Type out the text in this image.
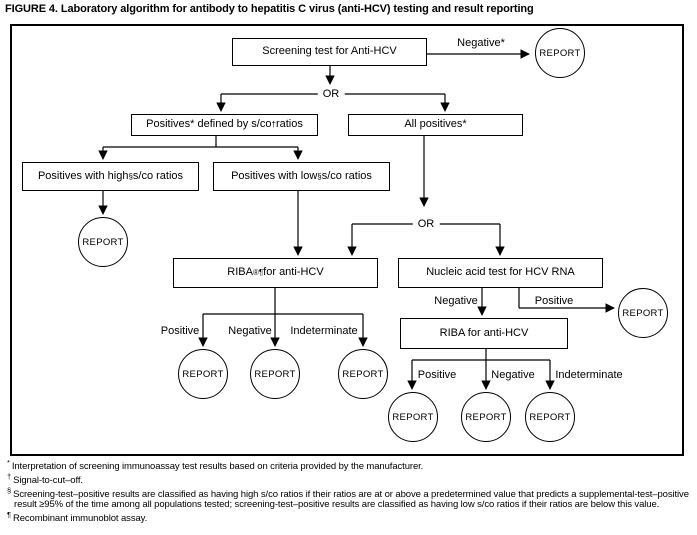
FIGURE 4. Laboratory algorithm for antibody to hepatitis C virus (anti-HCV) testing and result reporting
Screening test for Anti-HCV
Positives* defined by s/co † ratios	All positives*
Positives with high § s/co ratios	Positives with low § s/co ratios
RIBA ®¶ for anti-HCV	Nucleic acid test for HCV RNA
RIBA for anti-HCV
REPORT
REPORT
REPORT	REPORT	REPORT
REPORT
REPORT	REPORT REPORT
Negative*
OR
OR
Positive	Negative Indeterminate
Negative	Positive
Positive	Negative Indeterminate
* Interpretation of screening immunoassay test results based on criteria provided by the manufacturer.
† Signal-to-cut–off.
§ Screening-test–positive results are classified as having high s/co ratios if their ratios are at or above a predetermined value that predicts a supplemental-test–positive result ≥95% of the time among all populations tested; screening-test–positive results are classified as having low s/co ratios if their ratios are below this value.
¶ Recombinant immunoblot assay.
